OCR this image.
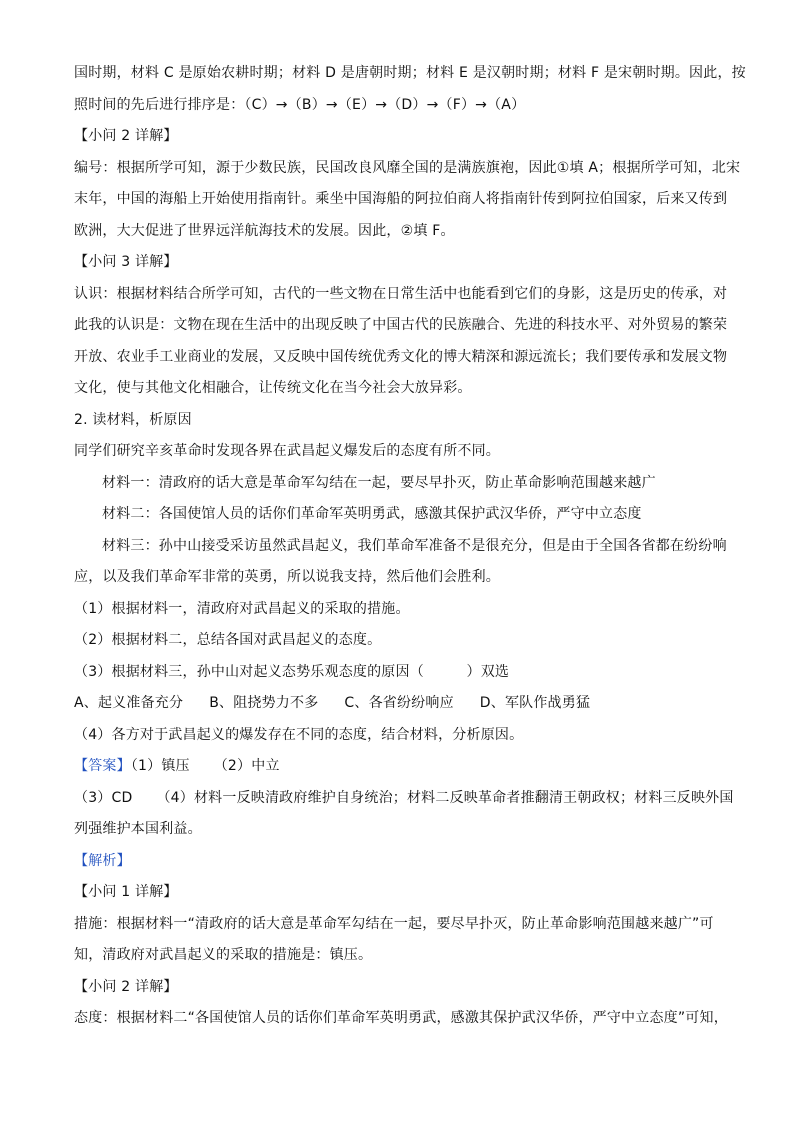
国时期，材料 C 是原始农耕时期；材料 D 是唐朝时期；材料 E 是汉朝时期；材料 F 是宋朝时期。因此，按
照时间的先后进行排序是：（C）→（B）→（E）→（D）→（F）→（A）
【小问 2 详解】
编号：根据所学可知，源于少数民族，民国改良风靡全国的是满族旗袍，因此①填 A；根据所学可知，北宋
末年，中国的海船上开始使用指南针。乘坐中国海船的阿拉伯商人将指南针传到阿拉伯国家，后来又传到
欧洲，大大促进了世界远洋航海技术的发展。因此，②填 F。
【小问 3 详解】
认识：根据材料结合所学可知，古代的一些文物在日常生活中也能看到它们的身影，这是历史的传承，对
此我的认识是：文物在现在生活中的出现反映了中国古代的民族融合、先进的科技水平、对外贸易的繁荣
开放、农业手工业商业的发展，又反映中国传统优秀文化的博大精深和源远流长；我们要传承和发展文物
文化，使与其他文化相融合，让传统文化在当今社会大放异彩。
2. 读材料，析原因
同学们研究辛亥革命时发现各界在武昌起义爆发后的态度有所不同。
材料一：清政府的话大意是革命军勾结在一起，要尽早扑灭，防止革命影响范围越来越广
材料二：各国使馆人员的话你们革命军英明勇武，感激其保护武汉华侨，严守中立态度
材料三：孙中山接受采访虽然武昌起义，我们革命军准备不是很充分，但是由于全国各省都在纷纷响
应，以及我们革命军非常的英勇，所以说我支持，然后他们会胜利。
（1）根据材料一，清政府对武昌起义的采取的措施。
（2）根据材料二，总结各国对武昌起义的态度。
（3）根据材料三，孙中山对起义态势乐观态度的原因（　　　）双选
A、起义准备充分 B、阻挠势力不多 C、各省纷纷响应 D、军队作战勇猛
（4）各方对于武昌起义的爆发存在不同的态度，结合材料，分析原因。
【答案】（1）镇压 （2）中立
（3）CD （4）材料一反映清政府维护自身统治；材料二反映革命者推翻清王朝政权；材料三反映外国
列强维护本国利益。
【解析】
【小问 1 详解】
措施：根据材料一“清政府的话大意是革命军勾结在一起，要尽早扑灭，防止革命影响范围越来越广”可
知，清政府对武昌起义的采取的措施是：镇压。
【小问 2 详解】
态度：根据材料二“各国使馆人员的话你们革命军英明勇武，感激其保护武汉华侨，严守中立态度”可知，
